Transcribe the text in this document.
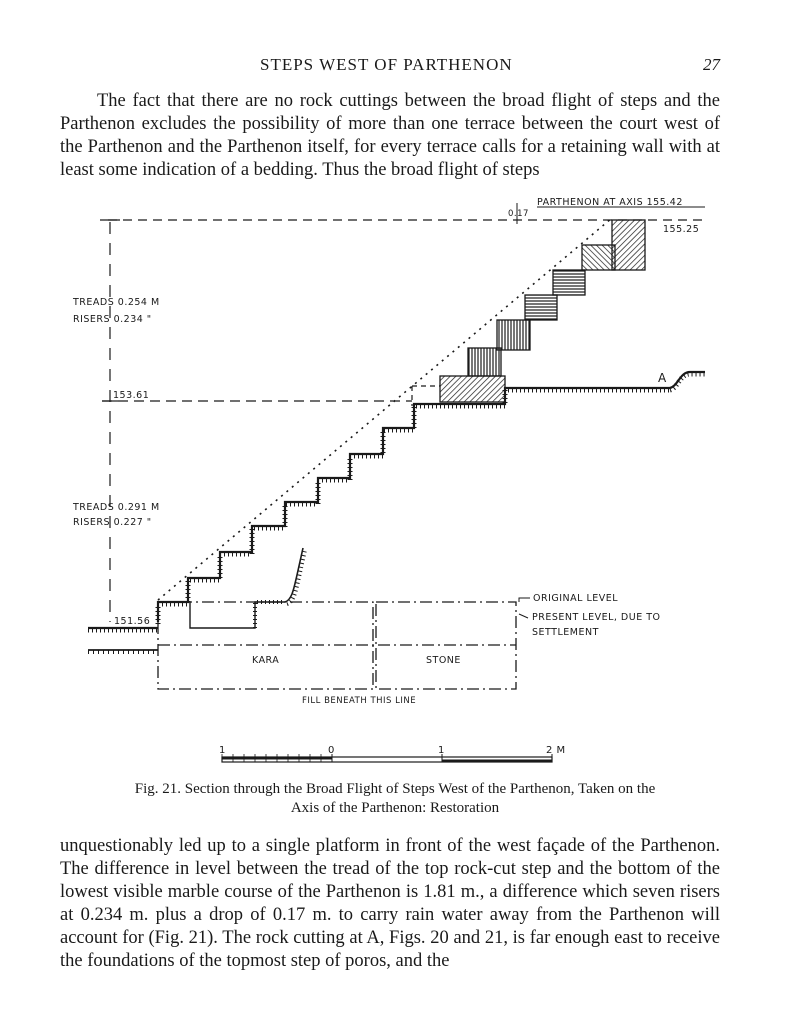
STEPS WEST OF PARTHENON	27

The fact that there are no rock cuttings between the broad flight of steps and the Parthenon excludes the possibility of more than one terrace between the court west of the Parthenon and the Parthenon itself, for every terrace calls for a retaining wall with at least some indication of a bedding. Thus the broad flight of steps

PARTHENON AT AXIS 155.42
0.17
155.25
A
151.56
KARA	STONE
FILL BENEATH THIS LINE
ORIGINAL LEVEL
PRESENT LEVEL, DUE TO
SETTLEMENT
TREADS 0.254 M
RISERS 0.234 "
153.61
TREADS 0.291 M
RISERS 0.227 "
1	0	1	2 M

Fig. 21. Section through the Broad Flight of Steps West of the Parthenon, Taken on the
Axis of the Parthenon: Restoration

unquestionably led up to a single platform in front of the west façade of the Parthenon. The difference in level between the tread of the top rock-cut step and the bottom of the lowest visible marble course of the Parthenon is 1.81 m., a difference which seven risers at 0.234 m. plus a drop of 0.17 m. to carry rain water away from the Parthenon will account for (Fig. 21). The rock cutting at A, Figs. 20 and 21, is far enough east to receive the foundations of the topmost step of poros, and the
